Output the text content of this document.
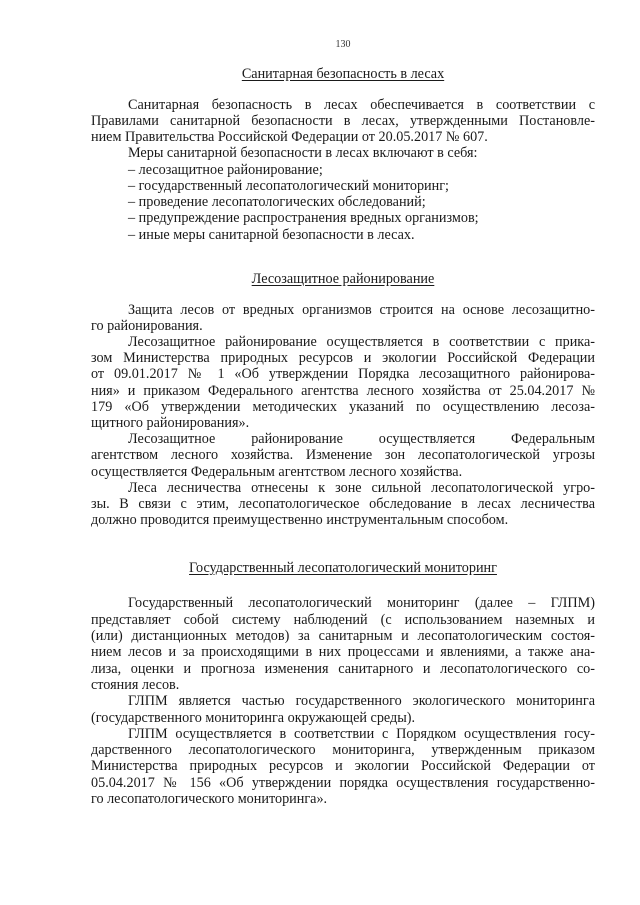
130
Санитарная безопасность в лесах
Санитарная безопасность в лесах обеспечивается в соответствии с
Правилами санитарной безопасности в лесах, утвержденными Постановле-
нием Правительства Российской Федерации от 20.05.2017 № 607.
Меры санитарной безопасности в лесах включают в себя:
– лесозащитное районирование;
– государственный лесопатологический мониторинг;
– проведение лесопатологических обследований;
– предупреждение распространения вредных организмов;
– иные меры санитарной безопасности в лесах.
Лесозащитное районирование
Защита лесов от вредных организмов строится на основе лесозащитно-
го районирования.
Лесозащитное районирование осуществляется в соответствии с прика-
зом Министерства природных ресурсов и экологии Российской Федерации
от 09.01.2017 № 1 «Об утверждении Порядка лесозащитного районирова-
ния» и приказом Федерального агентства лесного хозяйства от 25.04.2017 №
179 «Об утверждении методических указаний по осуществлению лесоза-
щитного районирования».
Лесозащитное районирование осуществляется Федеральным
агентством лесного хозяйства. Изменение зон лесопатологической угрозы
осуществляется Федеральным агентством лесного хозяйства.
Леса лесничества отнесены к зоне сильной лесопатологической угро-
зы. В связи с этим, лесопатологическое обследование в лесах лесничества
должно проводится преимущественно инструментальным способом.
Государственный лесопатологический мониторинг
Государственный лесопатологический мониторинг (далее – ГЛПМ)
представляет собой систему наблюдений (с использованием наземных и
(или) дистанционных методов) за санитарным и лесопатологическим состоя-
нием лесов и за происходящими в них процессами и явлениями, а также ана-
лиза, оценки и прогноза изменения санитарного и лесопатологического со-
стояния лесов.
ГЛПМ является частью государственного экологического мониторинга
(государственного мониторинга окружающей среды).
ГЛПМ осуществляется в соответствии с Порядком осуществления госу-
дарственного лесопатологического мониторинга, утвержденным приказом
Министерства природных ресурсов и экологии Российской Федерации от
05.04.2017 № 156 «Об утверждении порядка осуществления государственно-
го лесопатологического мониторинга».
